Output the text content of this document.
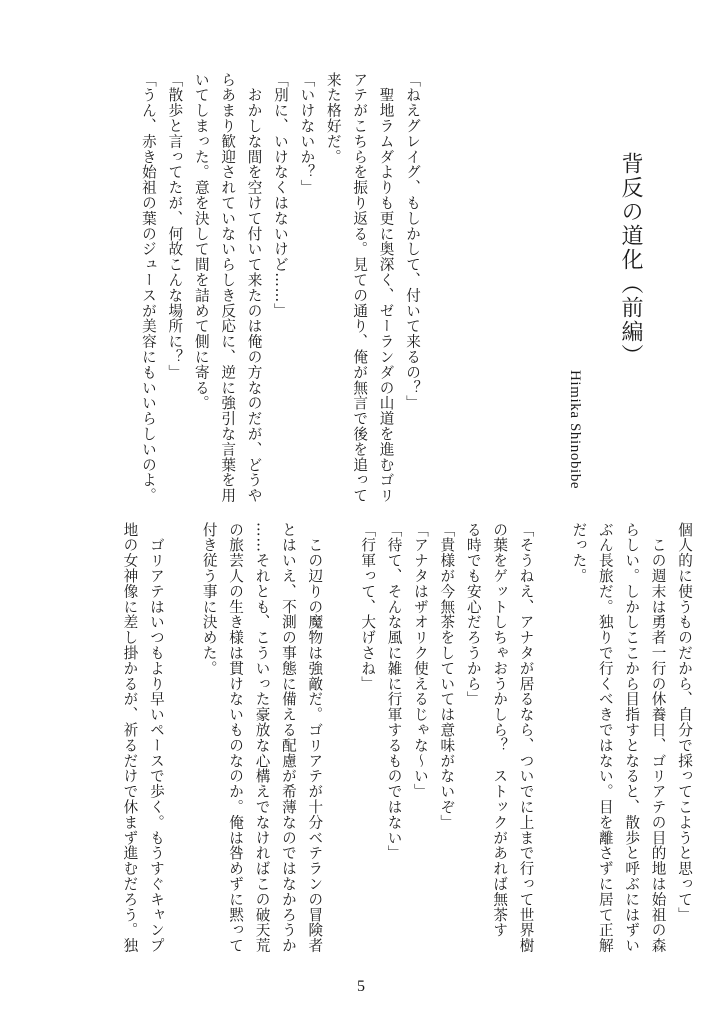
背反の道化（前編）
Himika Shinobibe
「ねえグレイグ、もしかして、付いて来るの？」
　聖地ラムダよりも更に奥深く、ゼーランダの山道を進むゴリ
アテがこちらを振り返る。見ての通り、俺が無言で後を追って
来た格好だ。
「いけないか？」
「別に、いけなくはないけど……」
　おかしな間を空けて付いて来たのは俺の方なのだが、どうや
らあまり歓迎されていないらしき反応に、逆に強引な言葉を用
いてしまった。意を決して間を詰めて側に寄る。
「散歩と言ってたが、何故こんな場所に？」
「うん、赤き始祖の葉のジュースが美容にもいいらしいのよ。
個人的に使うものだから、自分で採ってこようと思って」
　この週末は勇者一行の休養日、ゴリアテの目的地は始祖の森
らしい。しかしここから目指すとなると、散歩と呼ぶにはずい
ぶん長旅だ。独りで行くべきではない。目を離さずに居て正解
だった。

「そうねえ、アナタが居るなら、ついでに上まで行って世界樹
の葉をゲットしちゃおうかしら？　ストックがあれば無茶す
る時でも安心だろうから」
「貴様が今無茶をしていては意味がないぞ」
「アナタはザオリク使えるじゃな～い」
「待て、そんな風に雑に行軍するものではない」
「行軍って、大げさね」

　この辺りの魔物は強敵だ。ゴリアテが十分ベテランの冒険者
とはいえ、不測の事態に備える配慮が希薄なのではなかろうか
……それとも、こういった豪放な心構えでなければこの破天荒
の旅芸人の生き様は貫けないものなのか。俺は咎めずに黙って
付き従う事に決めた。

　ゴリアテはいつもより早いペースで歩く。もうすぐキャンプ
地の女神像に差し掛かるが、祈るだけで休まず進むだろう。独
5
